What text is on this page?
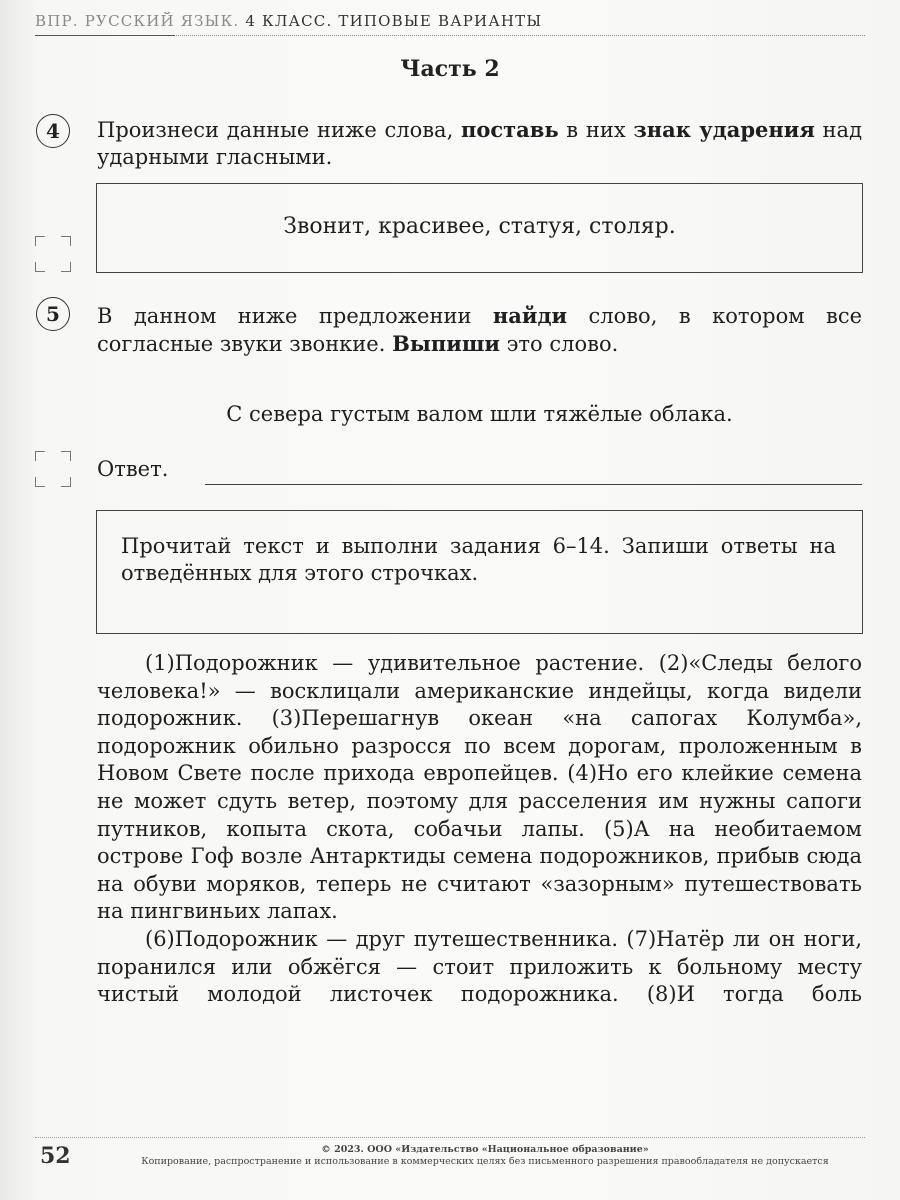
ВПР. РУССКИЙ ЯЗЫК. 4 КЛАСС. ТИПОВЫЕ ВАРИАНТЫ
Часть 2
4	Произнеси данные ниже слова, поставь в них знак ударения над ударными гласными.
Звонит, красивее, статуя, столяр.
5	В данном ниже предложении найди слово, в котором все согласные звуки звонкие. Выпиши это слово.
С севера густым валом шли тяжёлые облака.
Ответ.
Прочитай текст и выполни задания 6–14. Запиши ответы на отведённых для этого строчках.

(1)Подорожник — удивительное растение. (2)«Следы белого человека!» — восклицали американские индейцы, когда видели подорожник. (3)Перешагнув океан «на сапогах Колумба», подорожник обильно разросся по всем дорогам, проложенным в Новом Свете после прихода европейцев. (4)Но его клейкие семена не может сдуть ветер, поэтому для расселения им нужны сапоги путников, копыта скота, собачьи лапы. (5)А на необитаемом острове Гоф возле Антарктиды семена подорожников, прибыв сюда на обуви моряков, теперь не считают «зазорным» путешествовать на пингвиньих лапах.

(6)Подорожник — друг путешественника. (7)Натёр ли он ноги, поранился или обжёгся — стоит приложить к больному месту чистый молодой листочек подорожника. (8)И тогда боль

52	© 2023. ООО «Издательство «Национальное образование»
Копирование, распространение и использование в коммерческих целях без письменного разрешения правообладателя не допускается
